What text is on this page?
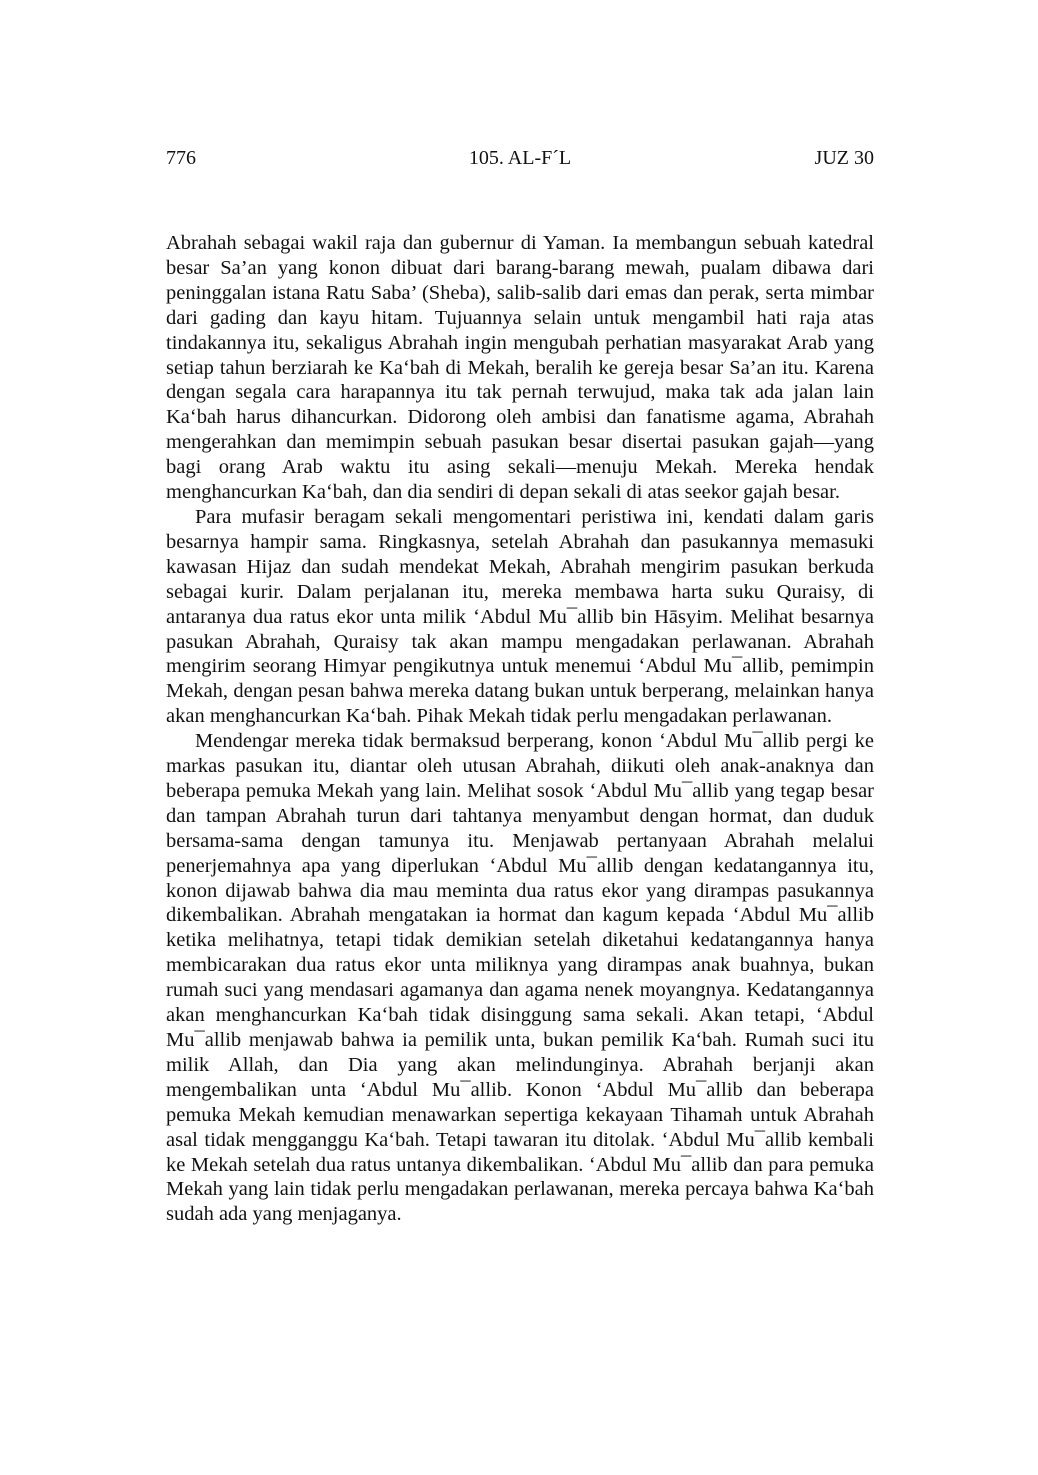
776	105. AL-F´L	JUZ 30

Abrahah sebagai wakil raja dan gubernur di Yaman. Ia membangun sebuah katedral besar Sa’an yang konon dibuat dari barang-barang mewah, pualam dibawa dari peninggalan istana Ratu Saba’ (Sheba), salib-salib dari emas dan perak, serta mimbar dari gading dan kayu hitam. Tujuannya selain untuk mengambil hati raja atas tindakannya itu, sekaligus Abrahah ingin mengubah perhatian masyarakat Arab yang setiap tahun berziarah ke Ka‘bah di Mekah, beralih ke gereja besar Sa’an itu. Karena dengan segala cara harapannya itu tak pernah terwujud, maka tak ada jalan lain Ka‘bah harus dihancurkan. Didorong oleh ambisi dan fanatisme agama, Abrahah mengerahkan dan memimpin sebuah pasukan besar disertai pasukan gajah—yang bagi orang Arab waktu itu asing sekali—menuju Mekah. Mereka hendak menghancurkan Ka‘bah, dan dia sendiri di depan sekali di atas seekor gajah besar.

Para mufasir beragam sekali mengomentari peristiwa ini, kendati dalam garis besarnya hampir sama. Ringkasnya, setelah Abrahah dan pasukannya memasuki kawasan Hijaz dan sudah mendekat Mekah, Abrahah mengirim pasukan berkuda sebagai kurir. Dalam perjalanan itu, mereka membawa harta suku Quraisy, di antaranya dua ratus ekor unta milik ‘Abdul Mu¯allib bin Hāsyim. Melihat besarnya pasukan Abrahah, Quraisy tak akan mampu mengadakan perlawanan. Abrahah mengirim seorang Himyar pengikutnya untuk menemui ‘Abdul Mu¯allib, pemimpin Mekah, dengan pesan bahwa mereka datang bukan untuk berperang, melainkan hanya akan menghancurkan Ka‘bah. Pihak Mekah tidak perlu mengadakan perlawanan.

Mendengar mereka tidak bermaksud berperang, konon ‘Abdul Mu¯allib pergi ke markas pasukan itu, diantar oleh utusan Abrahah, diikuti oleh anak-anaknya dan beberapa pemuka Mekah yang lain. Melihat sosok ‘Abdul Mu¯allib yang tegap besar dan tampan Abrahah turun dari tahtanya menyambut dengan hormat, dan duduk bersama-sama dengan tamunya itu. Menjawab pertanyaan Abrahah melalui penerjemahnya apa yang diperlukan ‘Abdul Mu¯allib dengan kedatangannya itu, konon dijawab bahwa dia mau meminta dua ratus ekor yang dirampas pasukannya dikembalikan. Abrahah mengatakan ia hormat dan kagum kepada ‘Abdul Mu¯allib ketika melihatnya, tetapi tidak demikian setelah diketahui kedatangannya hanya membicarakan dua ratus ekor unta miliknya yang dirampas anak buahnya, bukan rumah suci yang mendasari agamanya dan agama nenek moyangnya. Kedatangannya akan menghancurkan Ka‘bah tidak disinggung sama sekali. Akan tetapi, ‘Abdul Mu¯allib menjawab bahwa ia pemilik unta, bukan pemilik Ka‘bah. Rumah suci itu milik Allah, dan Dia yang akan melindunginya. Abrahah berjanji akan mengembalikan unta ‘Abdul Mu¯allib. Konon ‘Abdul Mu¯allib dan beberapa pemuka Mekah kemudian menawarkan sepertiga kekayaan Tihamah untuk Abrahah asal tidak mengganggu Ka‘bah. Tetapi tawaran itu ditolak. ‘Abdul Mu¯allib kembali ke Mekah setelah dua ratus untanya dikembalikan. ‘Abdul Mu¯allib dan para pemuka Mekah yang lain tidak perlu mengadakan perlawanan, mereka percaya bahwa Ka‘bah sudah ada yang menjaganya.
